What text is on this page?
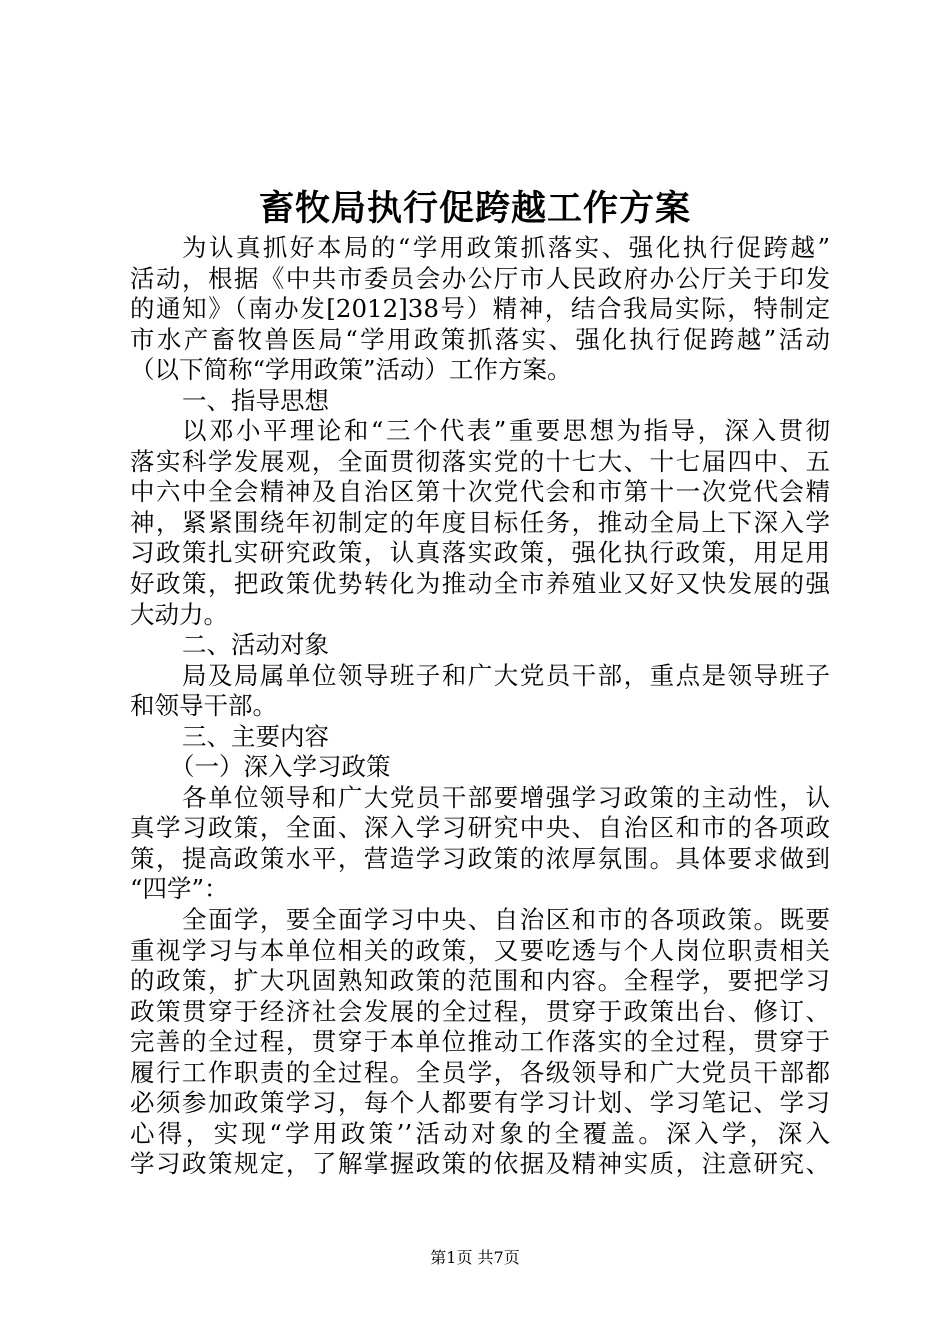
畜牧局执行促跨越工作方案
为认真抓好本局的“学用政策抓落实、强化执行促跨越”
活动，根据《中共市委员会办公厅市人民政府办公厅关于印发
的通知》（南办发[2012]38号）精神，结合我局实际，特制定
市水产畜牧兽医局“学用政策抓落实、强化执行促跨越”活动
（以下简称“学用政策”活动）工作方案。
一、指导思想
以邓小平理论和“三个代表”重要思想为指导，深入贯彻
落实科学发展观，全面贯彻落实党的十七大、十七届四中、五
中六中全会精神及自治区第十次党代会和市第十一次党代会精
神，紧紧围绕年初制定的年度目标任务，推动全局上下深入学
习政策扎实研究政策，认真落实政策，强化执行政策，用足用
好政策，把政策优势转化为推动全市养殖业又好又快发展的强
大动力。
二、活动对象
局及局属单位领导班子和广大党员干部，重点是领导班子
和领导干部。
三、主要内容
（一）深入学习政策
各单位领导和广大党员干部要增强学习政策的主动性，认
真学习政策，全面、深入学习研究中央、自治区和市的各项政
策，提高政策水平，营造学习政策的浓厚氛围。具体要求做到
“四学”：
全面学，要全面学习中央、自治区和市的各项政策。既要
重视学习与本单位相关的政策，又要吃透与个人岗位职责相关
的政策，扩大巩固熟知政策的范围和内容。全程学，要把学习
政策贯穿于经济社会发展的全过程，贯穿于政策出台、修订、
完善的全过程，贯穿于本单位推动工作落实的全过程，贯穿于
履行工作职责的全过程。全员学，各级领导和广大党员干部都
必须参加政策学习，每个人都要有学习计划、学习笔记、学习
心得，实现“学用政策’’活动对象的全覆盖。深入学，深入
学习政策规定，了解掌握政策的依据及精神实质，注意研究、
第1页 共7页
